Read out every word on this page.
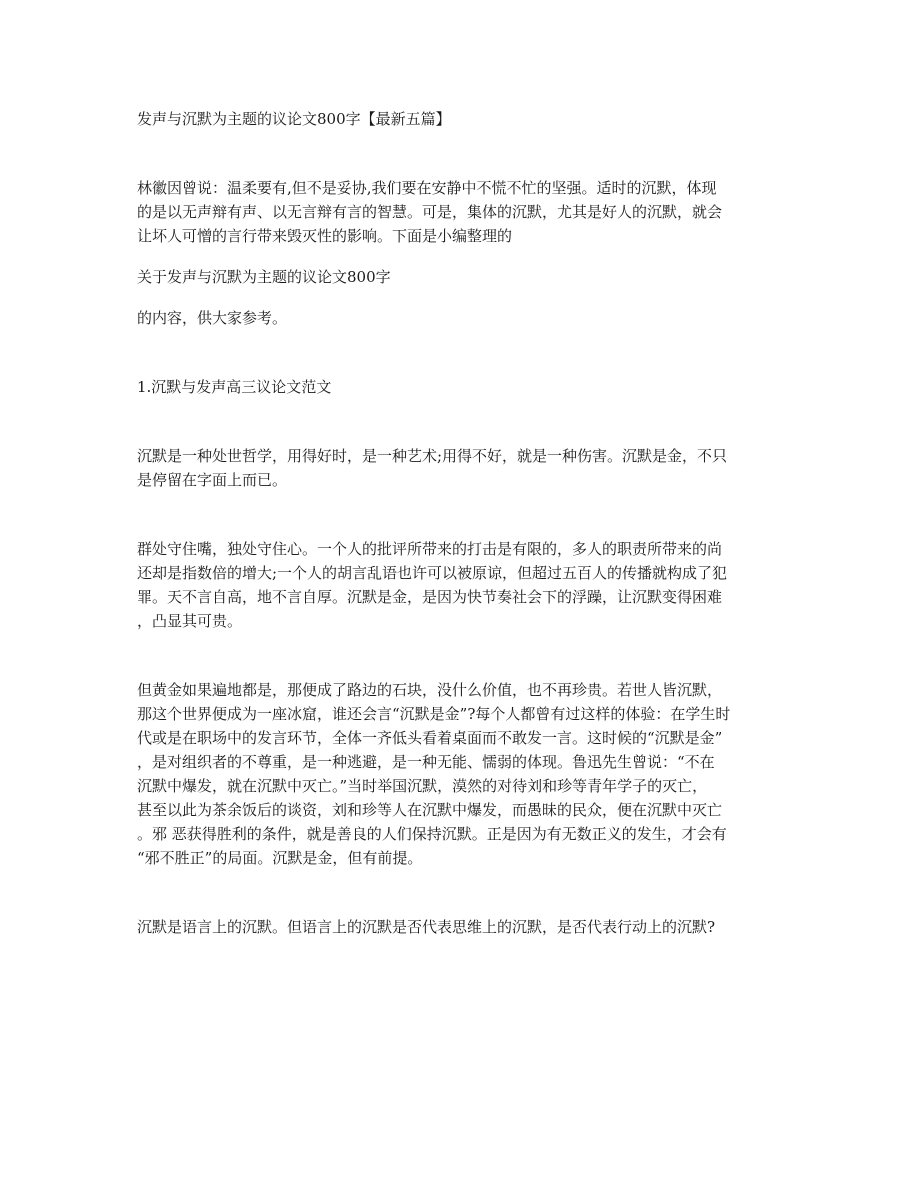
发声与沉默为主题的议论文800字【最新五篇】

林徽因曾说：温柔要有,但不是妥协,我们要在安静中不慌不忙的坚强。适时的沉默，体现
的是以无声辩有声、以无言辩有言的智慧。可是，集体的沉默，尤其是好人的沉默，就会
让坏人可憎的言行带来毁灭性的影响。下面是小编整理的

关于发声与沉默为主题的议论文800字

的内容，供大家参考。

1.沉默与发声高三议论文范文

沉默是一种处世哲学，用得好时，是一种艺术;用得不好，就是一种伤害。沉默是金，不只
是停留在字面上而已。

群处守住嘴，独处守住心。一个人的批评所带来的打击是有限的，多人的职责所带来的尚
还却是指数倍的增大;一个人的胡言乱语也许可以被原谅，但超过五百人的传播就构成了犯
罪。天不言自高，地不言自厚。沉默是金，是因为快节奏社会下的浮躁，让沉默变得困难
，凸显其可贵。

但黄金如果遍地都是，那便成了路边的石块，没什么价值，也不再珍贵。若世人皆沉默，
那这个世界便成为一座冰窟，谁还会言“沉默是金”?每个人都曾有过这样的体验：在学生时
代或是在职场中的发言环节，全体一齐低头看着桌面而不敢发一言。这时候的“沉默是金”
，是对组织者的不尊重，是一种逃避，是一种无能、懦弱的体现。鲁迅先生曾说：“不在
沉默中爆发，就在沉默中灭亡。”当时举国沉默，漠然的对待刘和珍等青年学子的灭亡，
甚至以此为茶余饭后的谈资，刘和珍等人在沉默中爆发，而愚昧的民众，便在沉默中灭亡
。邪 恶获得胜利的条件，就是善良的人们保持沉默。正是因为有无数正义的发生，才会有
“邪不胜正”的局面。沉默是金，但有前提。

沉默是语言上的沉默。但语言上的沉默是否代表思维上的沉默，是否代表行动上的沉默?
